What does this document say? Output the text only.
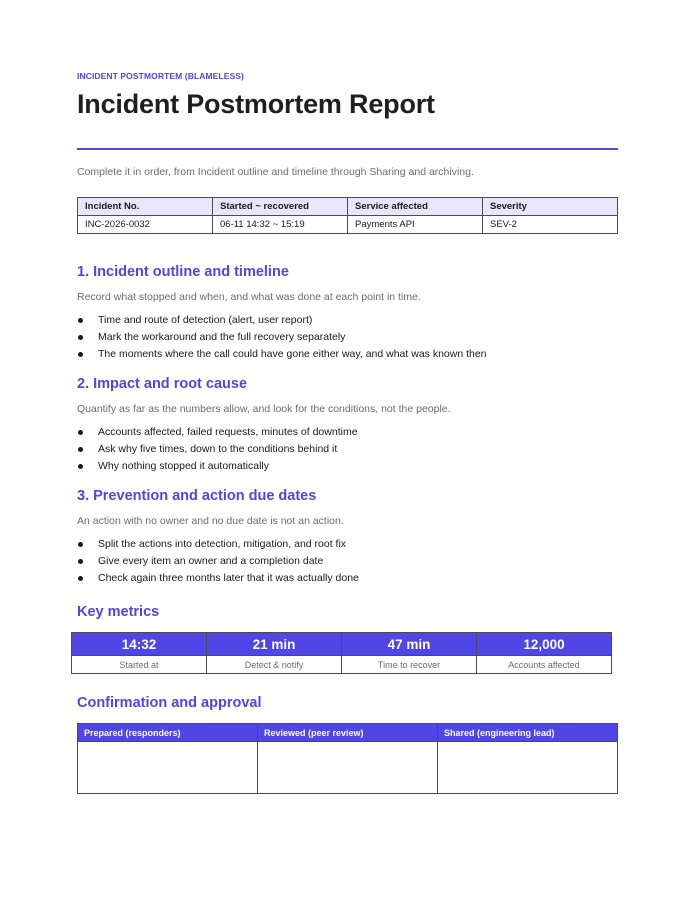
INCIDENT POSTMORTEM (BLAMELESS)
Incident Postmortem Report

Complete it in order, from Incident outline and timeline through Sharing and archiving.

Incident No.	Started ~ recovered	Service affected	Severity
INC-2026-0032	06-11 14:32 ~ 15:19	Payments API	SEV-2
1. Incident outline and timeline

Record what stopped and when, and what was done at each point in time.

Time and route of detection (alert, user report)
Mark the workaround and the full recovery separately
The moments where the call could have gone either way, and what was known then
2. Impact and root cause

Quantify as far as the numbers allow, and look for the conditions, not the people.

Accounts affected, failed requests, minutes of downtime
Ask why five times, down to the conditions behind it
Why nothing stopped it automatically
3. Prevention and action due dates

An action with no owner and no due date is not an action.

Split the actions into detection, mitigation, and root fix
Give every item an owner and a completion date
Check again three months later that it was actually done
Key metrics
14:32	21 min	47 min	12,000
Started at	Detect & notify	Time to recover	Accounts affected
Confirmation and approval
Prepared (responders)	Reviewed (peer review)	Shared (engineering lead)
